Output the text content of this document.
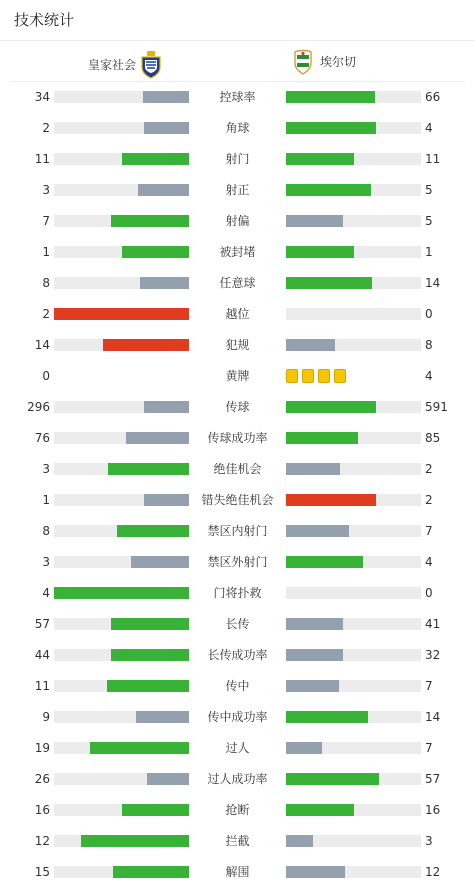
技术统计
皇家社会	埃尔切
34	控球率	66
2	角球	4
11	射门	11
3	射正	5
7	射偏	5
1	被封堵	1
8	任意球	14
2	越位	0
14	犯规	8
0	黄牌	4
296	传球	591
76	传球成功率	85
3	绝佳机会	2
1	错失绝佳机会	2
8	禁区内射门	7
3	禁区外射门	4
4	门将扑救	0
57	长传	41
44	长传成功率	32
11	传中	7
9	传中成功率	14
19	过人	7
26	过人成功率	57
16	抢断	16
12	拦截	3
15	解围	12
